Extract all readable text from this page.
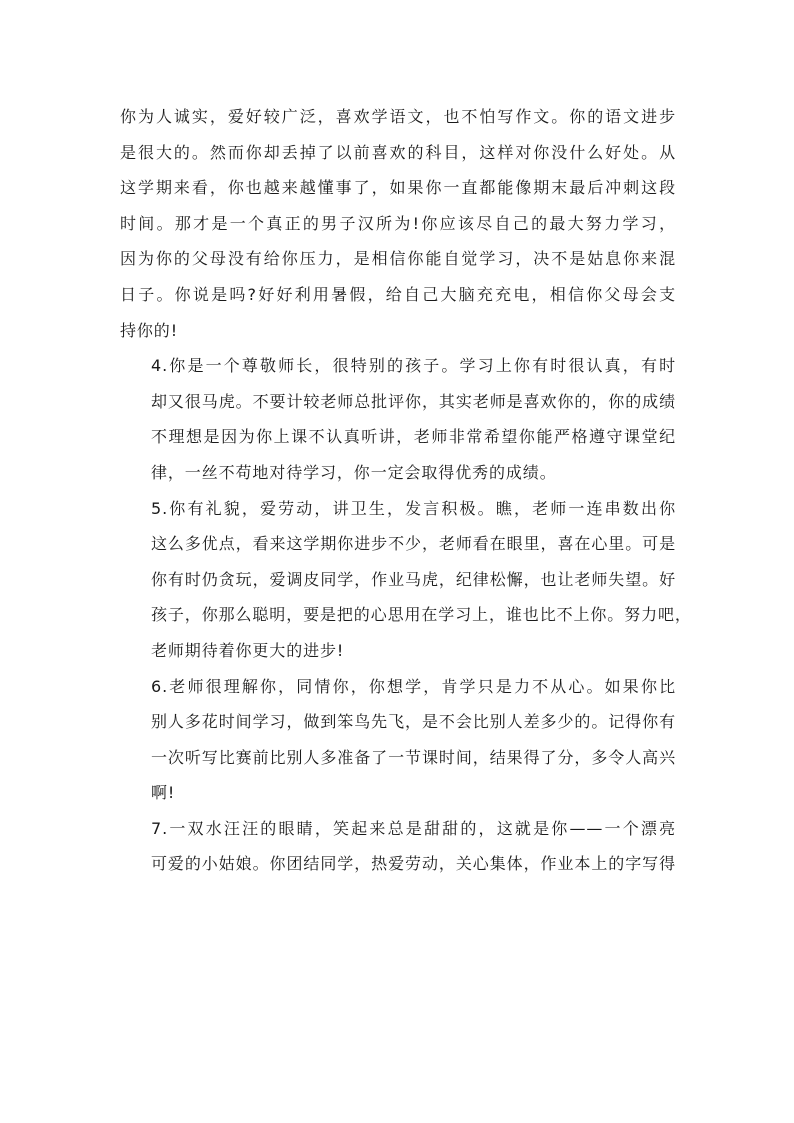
你为人诚实，爱好较广泛，喜欢学语文，也不怕写作文。你的语文进步
是很大的。然而你却丢掉了以前喜欢的科目，这样对你没什么好处。从
这学期来看，你也越来越懂事了，如果你一直都能像期末最后冲刺这段
时间。那才是一个真正的男子汉所为!你应该尽自己的最大努力学习，
因为你的父母没有给你压力，是相信你能自觉学习，决不是姑息你来混
日子。你说是吗?好好利用暑假，给自己大脑充充电，相信你父母会支
持你的!

4.你是一个尊敬师长，很特别的孩子。学习上你有时很认真，有时
却又很马虎。不要计较老师总批评你，其实老师是喜欢你的，你的成绩
不理想是因为你上课不认真听讲，老师非常希望你能严格遵守课堂纪
律，一丝不苟地对待学习，你一定会取得优秀的成绩。

5.你有礼貌，爱劳动，讲卫生，发言积极。瞧，老师一连串数出你
这么多优点，看来这学期你进步不少，老师看在眼里，喜在心里。可是
你有时仍贪玩，爱调皮同学，作业马虎，纪律松懈，也让老师失望。好
孩子，你那么聪明，要是把的心思用在学习上，谁也比不上你。努力吧，
老师期待着你更大的进步!

6.老师很理解你，同情你，你想学，肯学只是力不从心。如果你比
别人多花时间学习，做到笨鸟先飞，是不会比别人差多少的。记得你有
一次听写比赛前比别人多准备了一节课时间，结果得了分，多令人高兴
啊!

7.一双水汪汪的眼睛，笑起来总是甜甜的，这就是你——一个漂亮
可爱的小姑娘。你团结同学，热爱劳动，关心集体，作业本上的字写得
